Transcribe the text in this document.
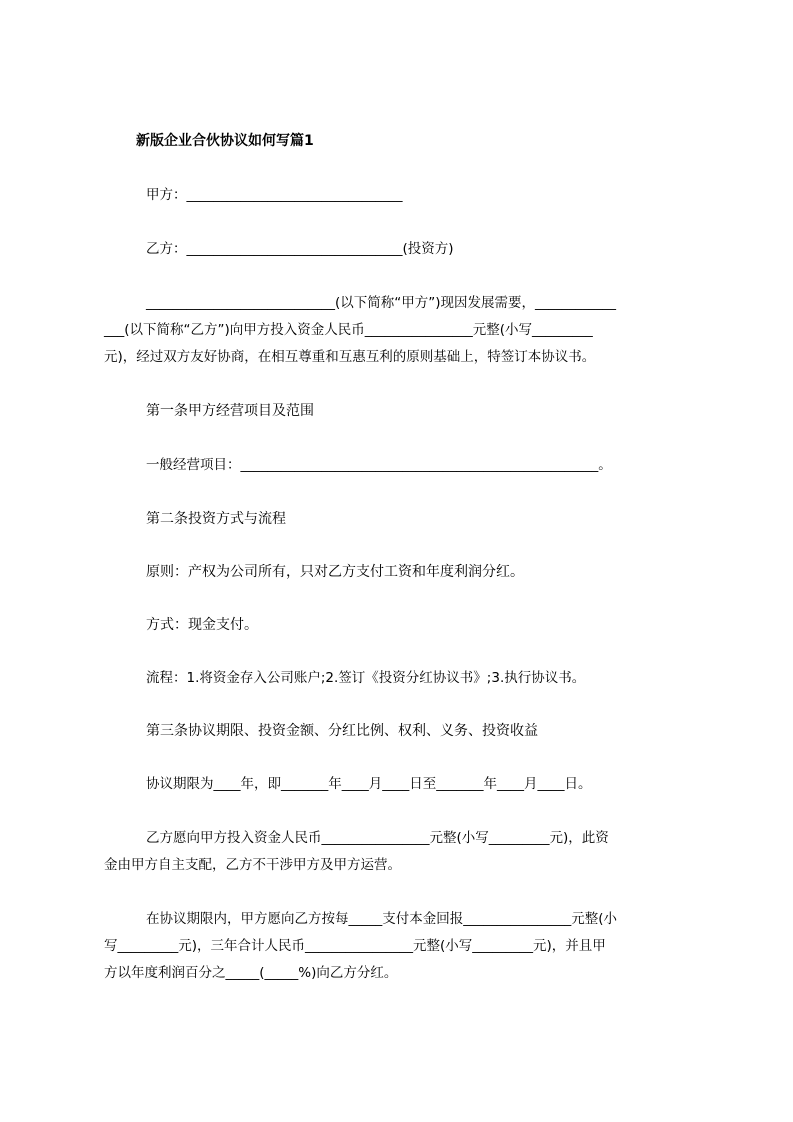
新版企业合伙协议如何写篇1
甲方：________________________________
乙方：________________________________(投资方)
____________________________(以下简称“甲方”)现因发展需要，____________
___(以下简称“乙方”)向甲方投入资金人民币________________元整(小写_________
元)，经过双方友好协商，在相互尊重和互惠互利的原则基础上，特签订本协议书。
第一条甲方经营项目及范围
一般经营项目：_____________________________________________________。
第二条投资方式与流程
原则：产权为公司所有，只对乙方支付工资和年度利润分红。
方式：现金支付。
流程：1.将资金存入公司账户;2.签订《投资分红协议书》;3.执行协议书。
第三条协议期限、投资金额、分红比例、权利、义务、投资收益
协议期限为____年，即_______年____月____日至_______年____月____日。
乙方愿向甲方投入资金人民币________________元整(小写_________元)，此资
金由甲方自主支配，乙方不干涉甲方及甲方运营。
在协议期限内，甲方愿向乙方按每_____支付本金回报________________元整(小
写_________元)，三年合计人民币________________元整(小写_________元)，并且甲
方以年度利润百分之_____(_____%)向乙方分红。
